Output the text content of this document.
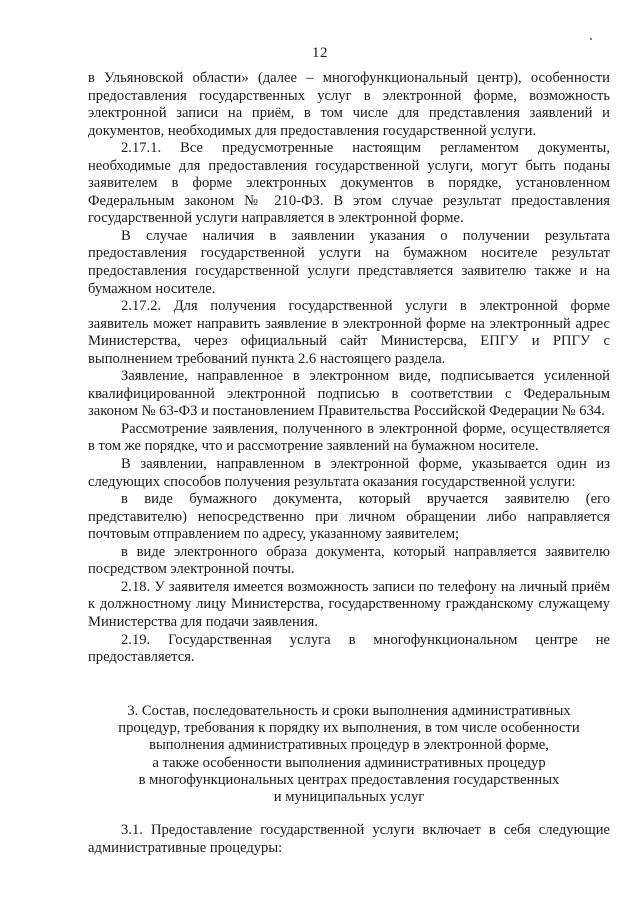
12

в Ульяновской области» (далее – многофункциональный центр), особенности предоставления государственных услуг в электронной форме, возможность электронной записи на приём, в том числе для представления заявлений и документов, необходимых для предоставления государственной услуги.

2.17.1. Все предусмотренные настоящим регламентом документы, необходимые для предоставления государственной услуги, могут быть поданы заявителем в форме электронных документов в порядке, установленном Федеральным законом № 210-ФЗ. В этом случае результат предоставления государственной услуги направляется в электронной форме.

В случае наличия в заявлении указания о получении результата предоставления государственной услуги на бумажном носителе результат предоставления государственной услуги представляется заявителю также и на бумажном носителе.

2.17.2. Для получения государственной услуги в электронной форме заявитель может направить заявление в электронной форме на электронный адрес Министерства, через официальный сайт Министерсва, ЕПГУ и РПГУ с выполнением требований пункта 2.6 настоящего раздела.

Заявление, направленное в электронном виде, подписывается усиленной квалифицированной электронной подписью в соответствии с Федеральным законом № 63-ФЗ и постановлением Правительства Российской Федерации № 634.

Рассмотрение заявления, полученного в электронной форме, осуществляется в том же порядке, что и рассмотрение заявлений на бумажном носителе.

В заявлении, направленном в электронной форме, указывается один из следующих способов получения результата оказания государственной услуги:

в виде бумажного документа, который вручается заявителю (его представителю) непосредственно при личном обращении либо направляется почтовым отправлением по адресу, указанному заявителем;

в виде электронного образа документа, который направляется заявителю посредством электронной почты.

2.18. У заявителя имеется возможность записи по телефону на личный приём к должностному лицу Министерства, государственному гражданскому служащему Министерства для подачи заявления.

2.19. Государственная услуга в многофункциональном центре не предоставляется.

3. Состав, последовательность и сроки выполнения административных
процедур, требования к порядку их выполнения, в том числе особенности
выполнения административных процедур в электронной форме,
а также особенности выполнения административных процедур
в многофункциональных центрах предоставления государственных
и муниципальных услуг

3.1. Предоставление государственной услуги включает в себя следующие административные процедуры:
